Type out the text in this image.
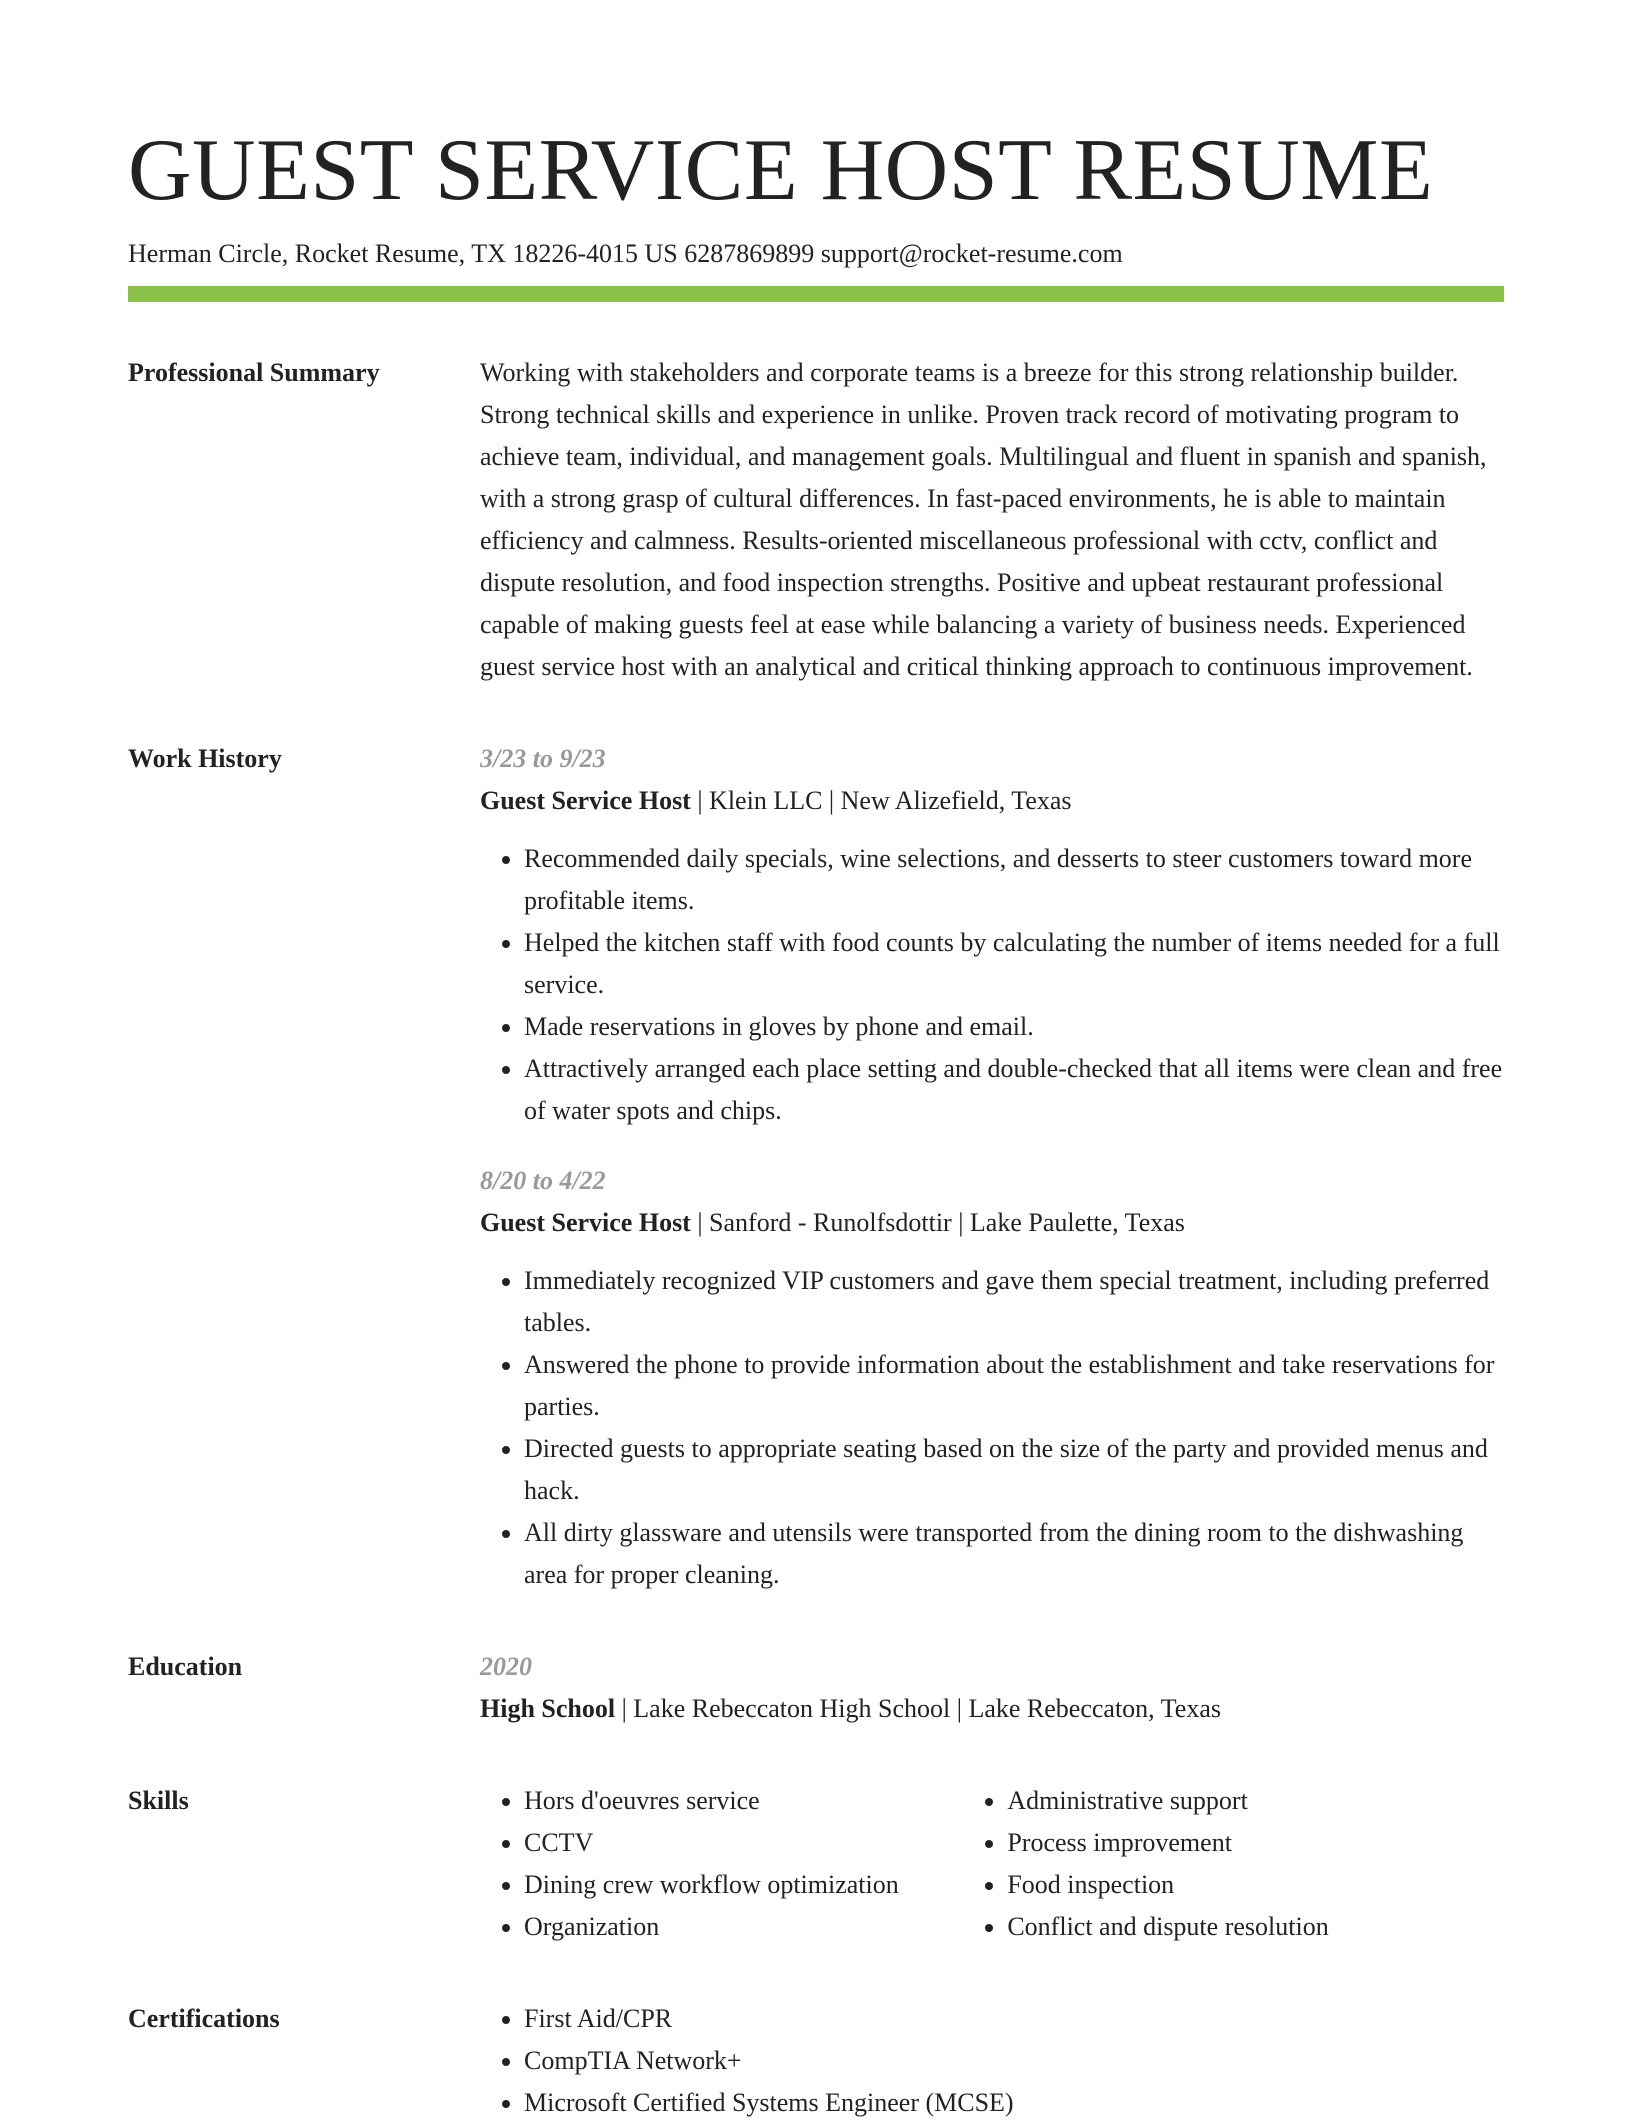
GUEST SERVICE HOST RESUME
Herman Circle, Rocket Resume, TX 18226-4015 US 6287869899 support@rocket-resume.com
Professional Summary	Working with stakeholders and corporate teams is a breeze for this strong relationship builder. Strong technical skills and experience in unlike. Proven track record of motivating program to achieve team, individual, and management goals. Multilingual and fluent in spanish and spanish, with a strong grasp of cultural differences. In fast-paced environments, he is able to maintain efficiency and calmness. Results-oriented miscellaneous professional with cctv, conflict and dispute resolution, and food inspection strengths. Positive and upbeat restaurant professional capable of making guests feel at ease while balancing a variety of business needs. Experienced guest service host with an analytical and critical thinking approach to continuous improvement.

Work History	3/23 to 9/23
Guest Service Host | Klein LLC | New Alizefield, Texas
• Recommended daily specials, wine selections, and desserts to steer customers toward more profitable items.
• Helped the kitchen staff with food counts by calculating the number of items needed for a full service.
• Made reservations in gloves by phone and email.
• Attractively arranged each place setting and double-checked that all items were clean and free of water spots and chips.
8/20 to 4/22
Guest Service Host | Sanford - Runolfsdottir | Lake Paulette, Texas
• Immediately recognized VIP customers and gave them special treatment, including preferred tables.
• Answered the phone to provide information about the establishment and take reservations for parties.
• Directed guests to appropriate seating based on the size of the party and provided menus and hack.
• All dirty glassware and utensils were transported from the dining room to the dishwashing area for proper cleaning.
Education	2020
High School | Lake Rebeccaton High School | Lake Rebeccaton, Texas
Skills	• Hors d'oeuvres service
• CCTV
• Dining crew workflow optimization
• Organization
• Administrative support
• Process improvement
• Food inspection
• Conflict and dispute resolution
Certifications	• First Aid/CPR
• CompTIA Network+
• Microsoft Certified Systems Engineer (MCSE)
